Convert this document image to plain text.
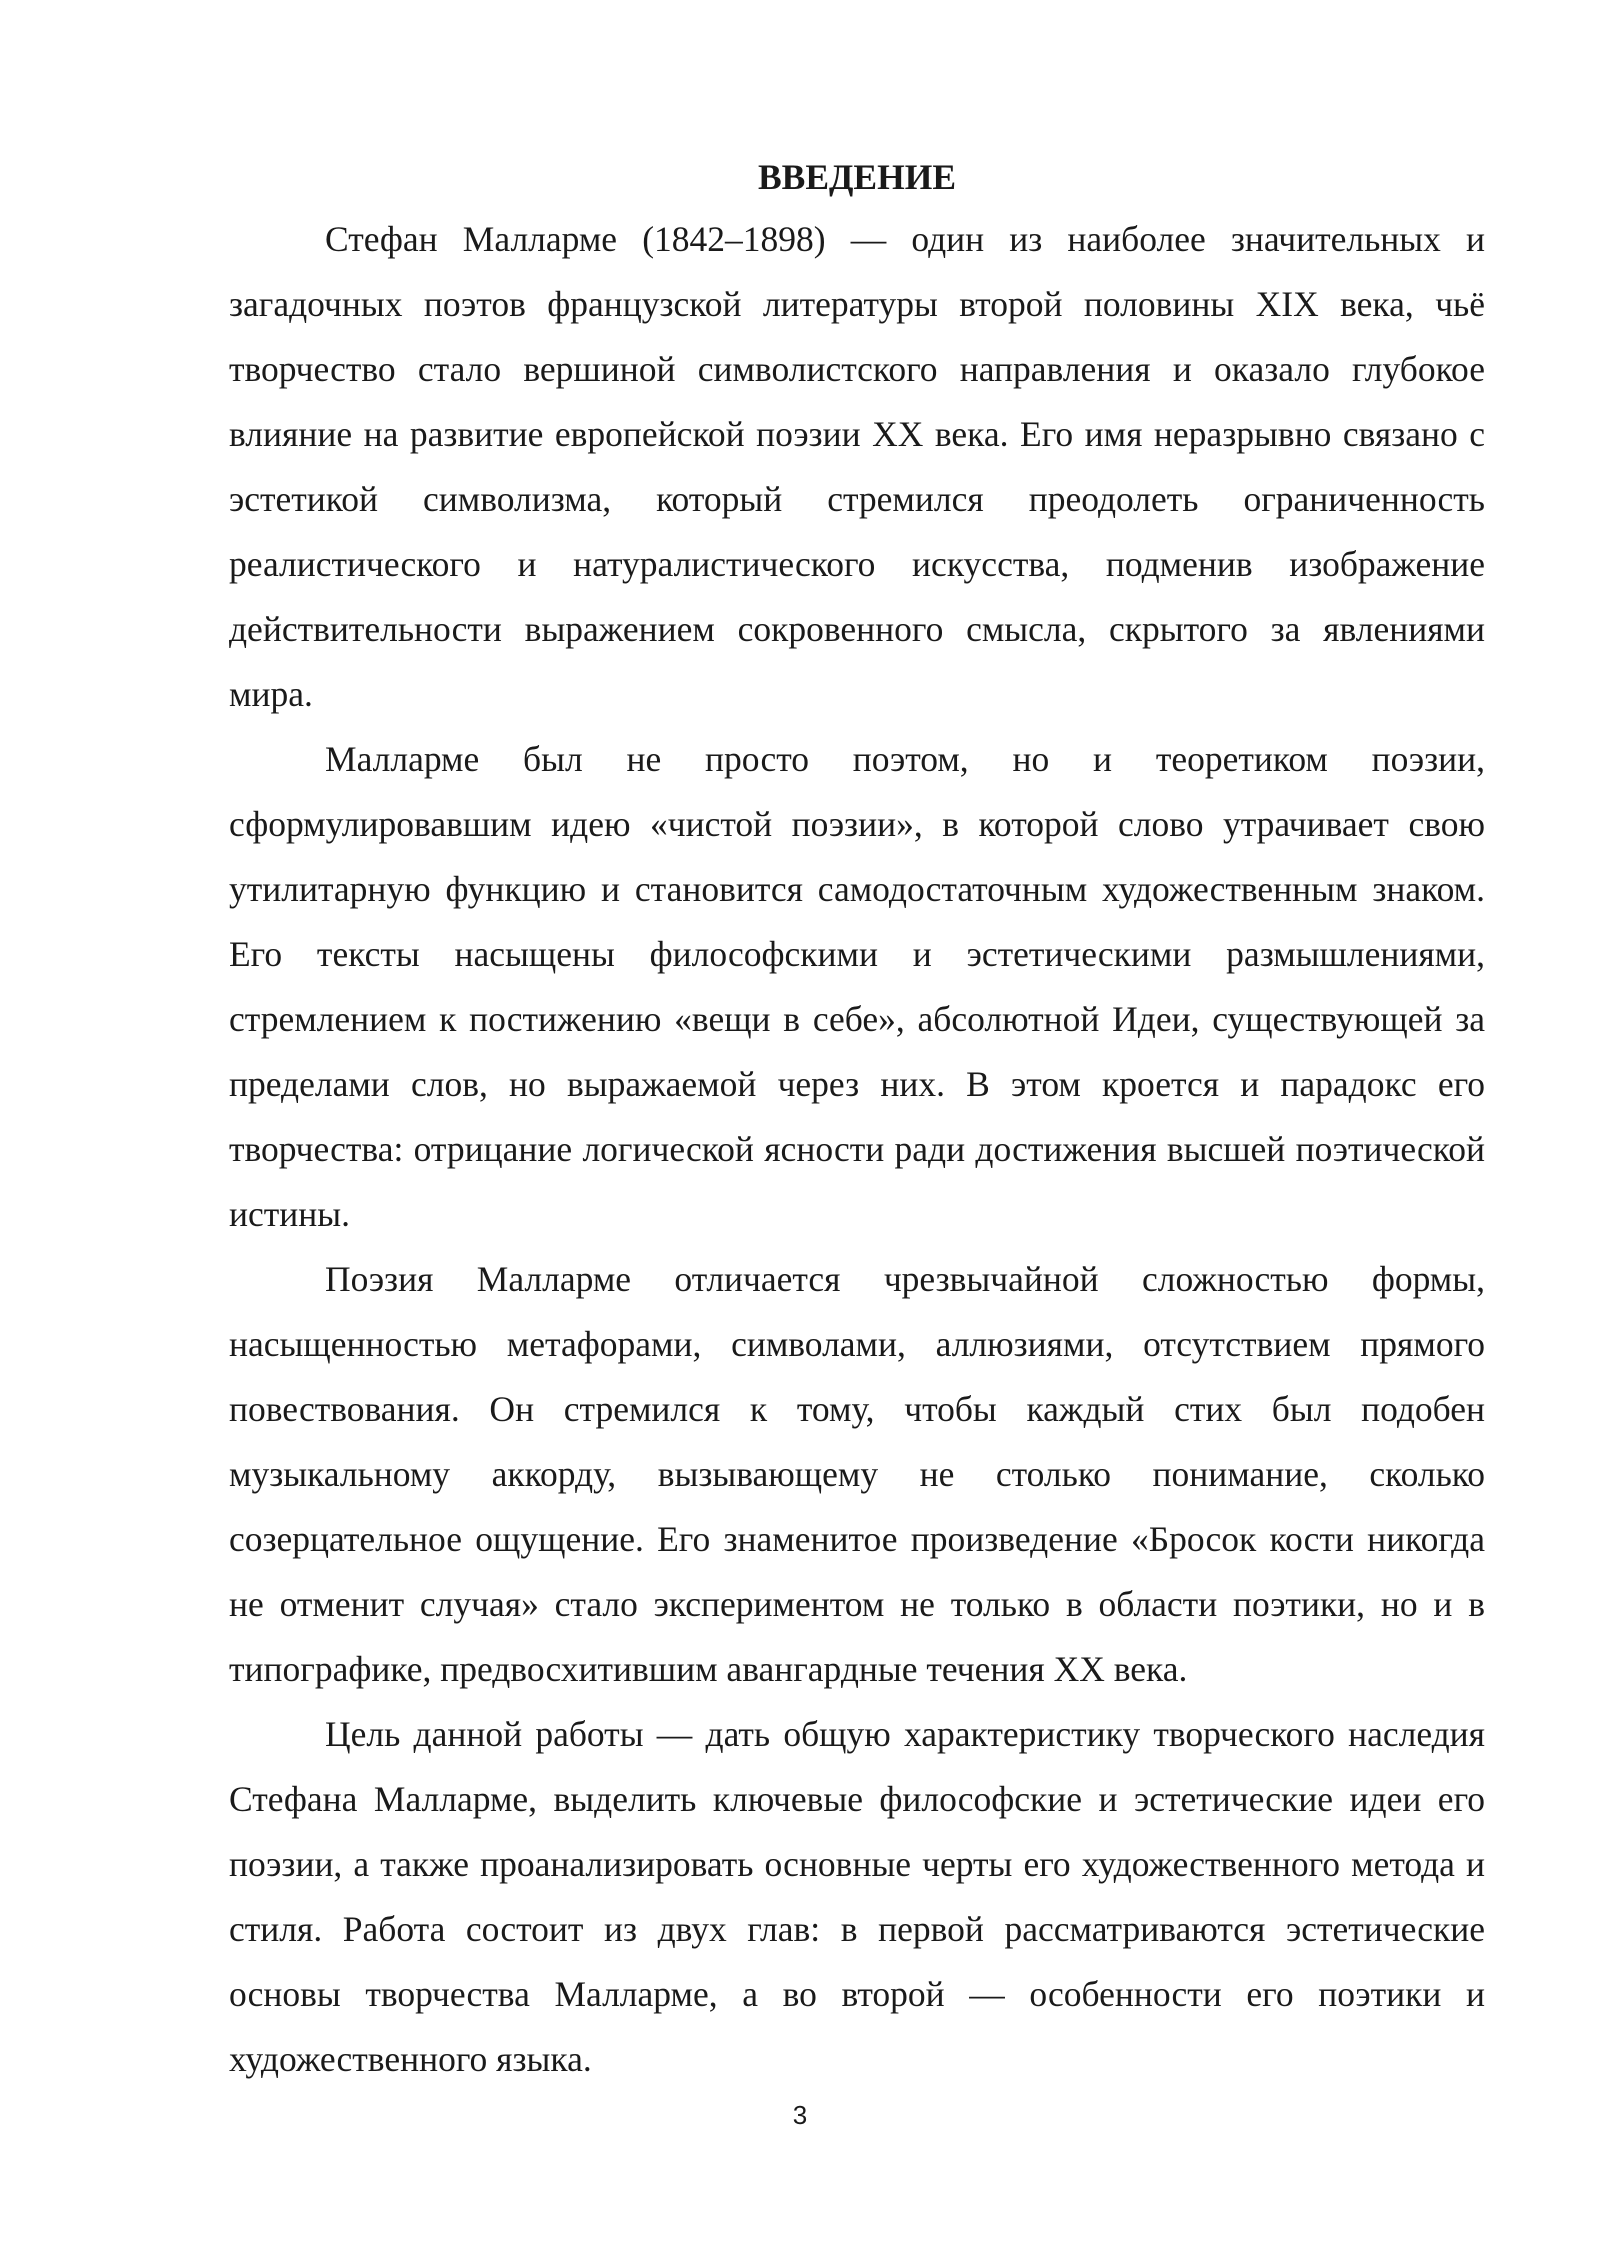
ВВЕДЕНИЕ

Стефан Малларме (1842–1898) — один из наиболее значительных и загадочных поэтов французской литературы второй половины XIX века, чьё творчество стало вершиной символистского направления и оказало глубокое влияние на развитие европейской поэзии XX века. Его имя неразрывно связано с эстетикой символизма, который стремился преодолеть ограниченность реалистического и натуралистического искусства, подменив изображение действительности выражением сокровенного смысла, скрытого за явлениями мира.

Малларме был не просто поэтом, но и теоретиком поэзии, сформулировавшим идею «чистой поэзии», в которой слово утрачивает свою утилитарную функцию и становится самодостаточным художественным знаком. Его тексты насыщены философскими и эстетическими размышлениями, стремлением к постижению «вещи в себе», абсолютной Идеи, существующей за пределами слов, но выражаемой через них. В этом кроется и парадокс его творчества: отрицание логической ясности ради достижения высшей поэтической истины.

Поэзия Малларме отличается чрезвычайной сложностью формы, насыщенностью метафорами, символами, аллюзиями, отсутствием прямого повествования. Он стремился к тому, чтобы каждый стих был подобен музыкальному аккорду, вызывающему не столько понимание, сколько созерцательное ощущение. Его знаменитое произведение «Бросок кости никогда не отменит случая» стало экспериментом не только в области поэтики, но и в типографике, предвосхитившим авангардные течения XX века.

Цель данной работы — дать общую характеристику творческого наследия Стефана Малларме, выделить ключевые философские и эстетические идеи его поэзии, а также проанализировать основные черты его художественного метода и стиля. Работа состоит из двух глав: в первой рассматриваются эстетические основы творчества Малларме, а во второй — особенности его поэтики и художественного языка.

3
